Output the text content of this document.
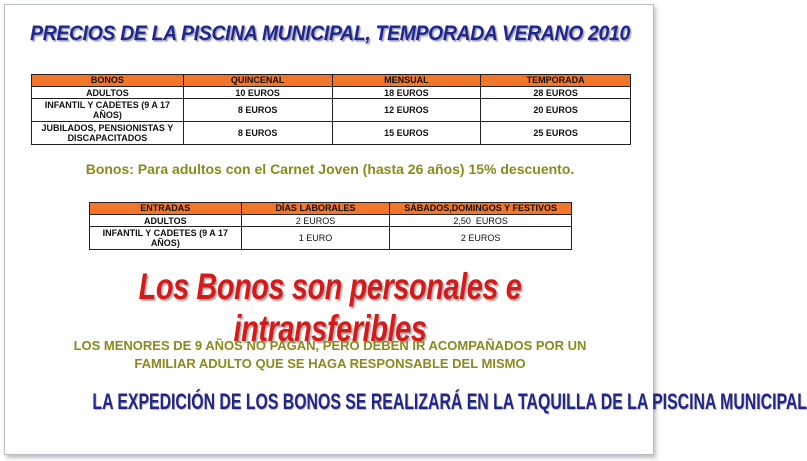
PRECIOS DE LA PISCINA MUNICIPAL, TEMPORADA VERANO 2010
BONOS	QUINCENAL	MENSUAL	TEMPORADA
ADULTOS	10 EUROS	18 EUROS	28 EUROS
INFANTIL Y CADETES (9 A 17 AÑOS)	8 EUROS	12 EUROS	20 EUROS
JUBILADOS, PENSIONISTAS Y DISCAPACITADOS	8 EUROS	15 EUROS	25 EUROS
Bonos: Para adultos con el Carnet Joven (hasta 26 años) 15% descuento.
ENTRADAS	DÍAS LABORALES	SÁBADOS,DOMINGOS Y FESTIVOS
ADULTOS	2 EUROS	2,50  EUROS
INFANTIL Y CADETES (9 A 17 AÑOS)	1 EURO	2 EUROS
Los Bonos son personales e intransferibles
LOS MENORES DE 9 AÑOS NO PAGAN, PERO DEBEN IR ACOMPAÑADOS POR UN
FAMILIAR ADULTO QUE SE HAGA RESPONSABLE DEL MISMO
LA EXPEDICIÓN DE LOS BONOS SE REALIZARÁ EN LA TAQUILLA DE LA PISCINA MUNICIPAL
